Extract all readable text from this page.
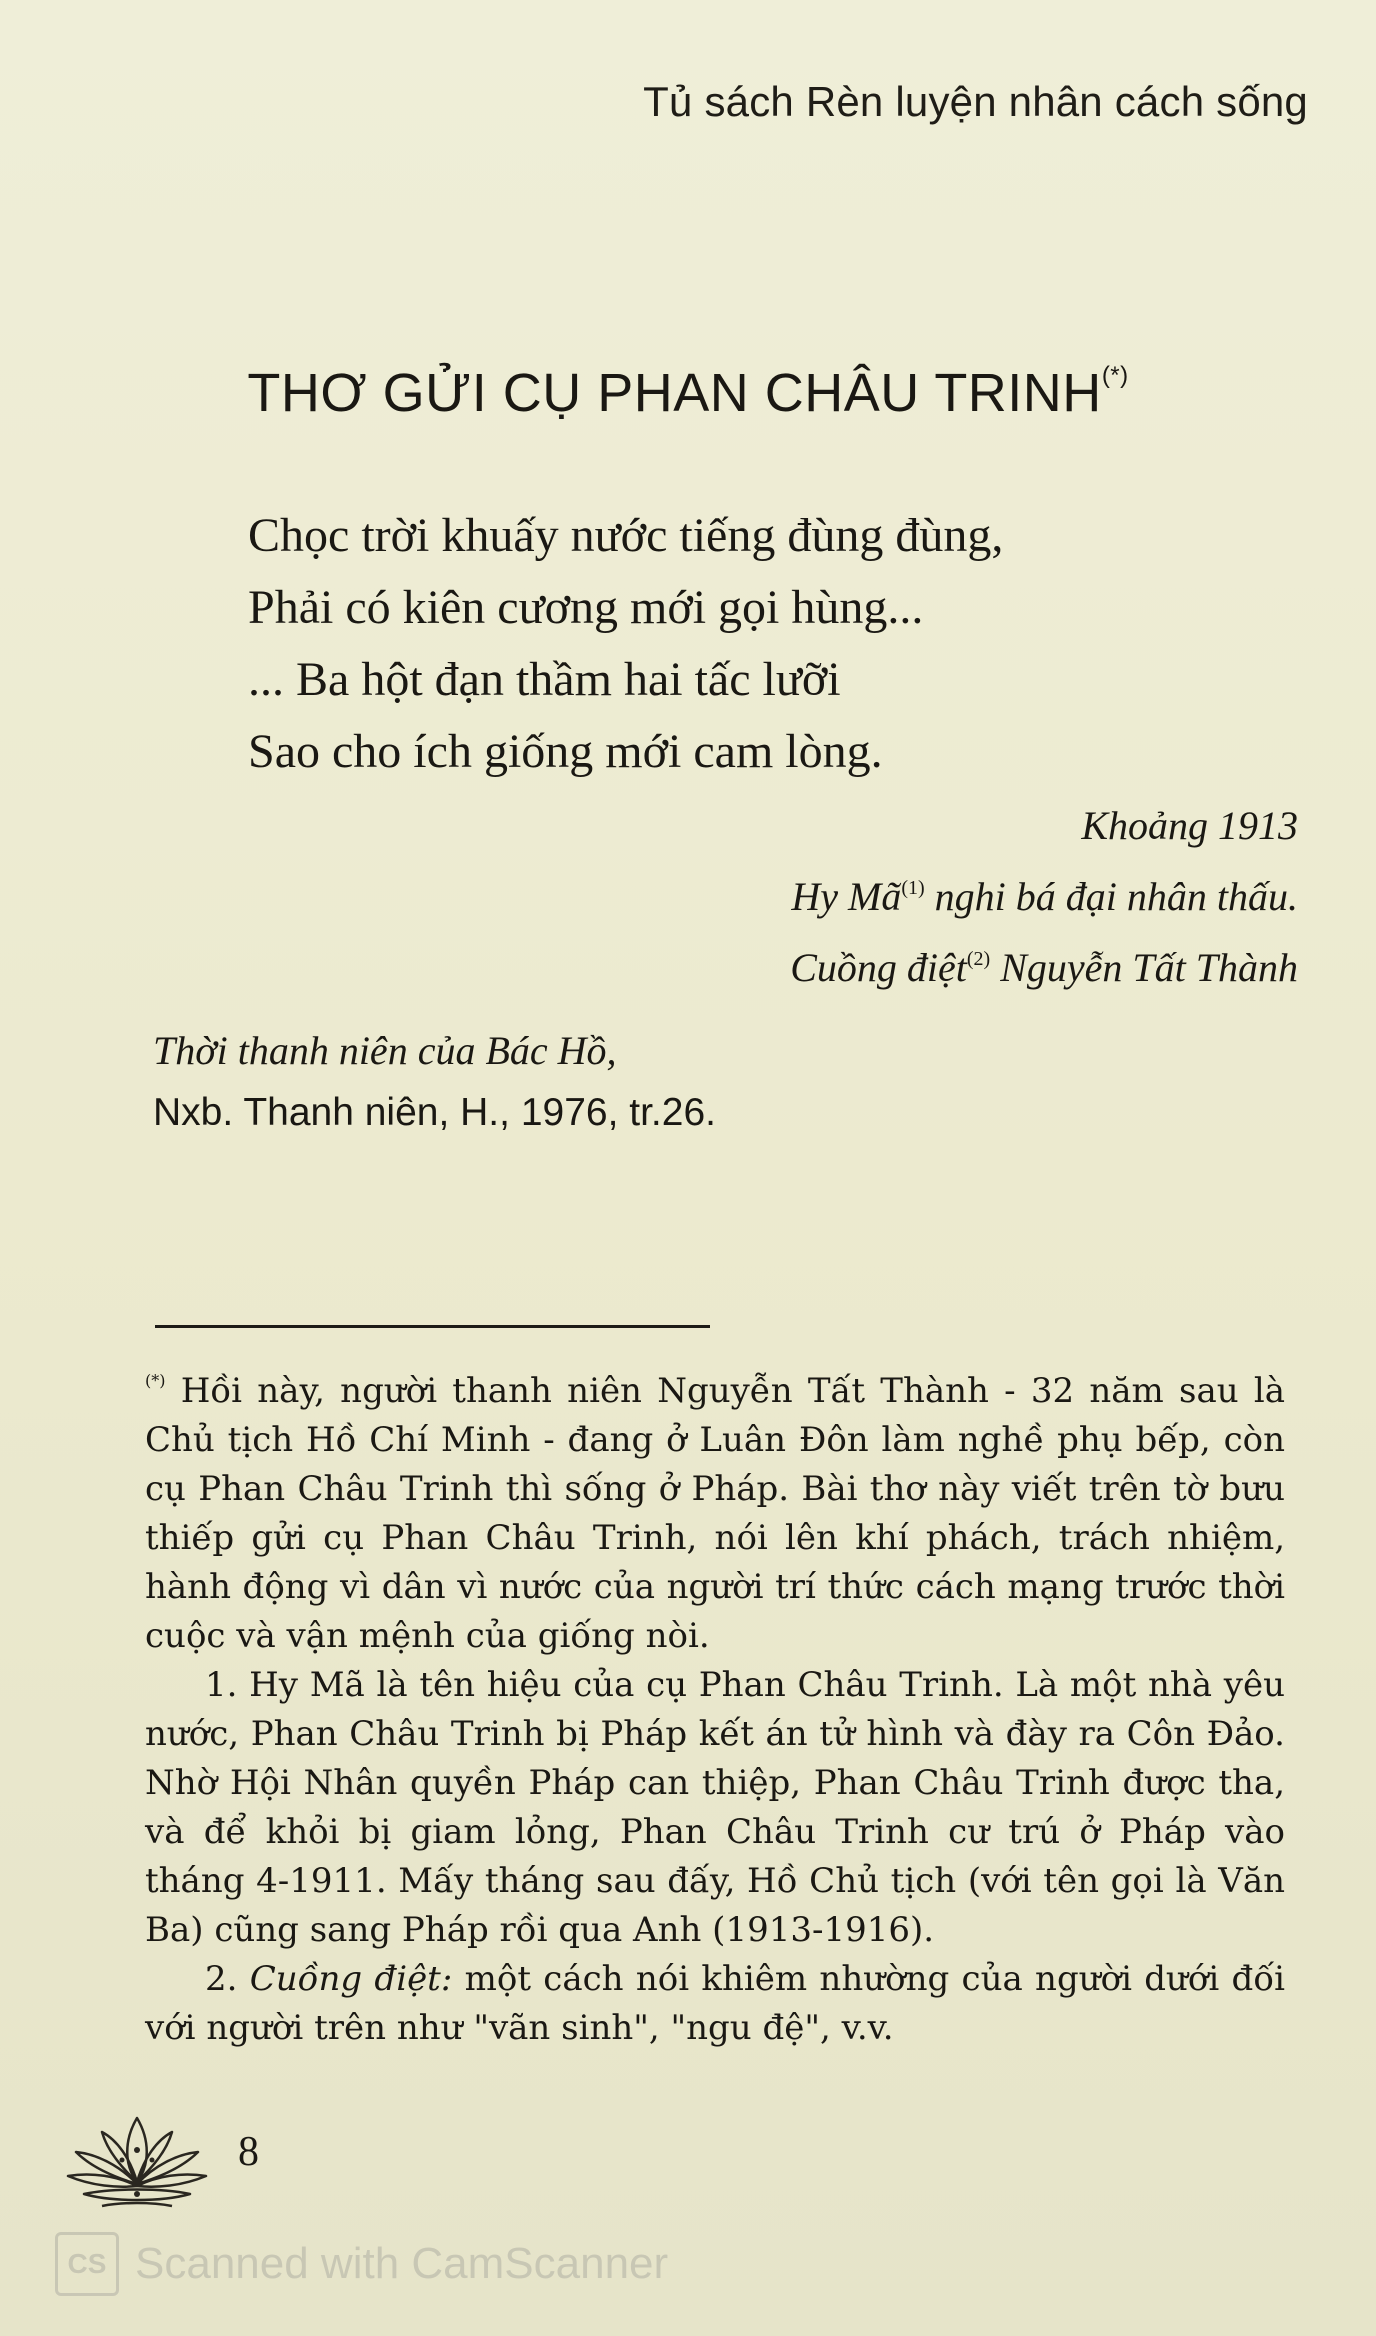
Tủ sách Rèn luyện nhân cách sống
THƠ GỬI CỤ PHAN CHÂU TRINH(*)
Chọc trời khuấy nước tiếng đùng đùng,
Phải có kiên cương mới gọi hùng...
... Ba hột đạn thầm hai tấc lưỡi
Sao cho ích giống mới cam lòng.
Khoảng 1913
Hy $Mã^{(1)}$ nghi bá đại nhân thấu.
Cuồng điệt$^{(2)}$ Nguyễn Tất Thành
Thời thanh niên của Bác Hồ,
Nxb. Thanh niên, H., 1976, tr.26.

(*) Hồi này, người thanh niên Nguyễn Tất Thành - 32 năm sau là Chủ tịch Hồ Chí Minh - đang ở Luân Đôn làm nghề phụ bếp, còn cụ Phan Châu Trinh thì sống ở Pháp. Bài thơ này viết trên tờ bưu thiếp gửi cụ Phan Châu Trinh, nói lên khí phách, trách nhiệm, hành động vì dân vì nước của người trí thức cách mạng trước thời cuộc và vận mệnh của giống nòi.

1. Hy Mã là tên hiệu của cụ Phan Châu Trinh. Là một nhà yêu nước, Phan Châu Trinh bị Pháp kết án tử hình và đày ra Côn Đảo. Nhờ Hội Nhân quyền Pháp can thiệp, Phan Châu Trinh được tha, và để khỏi bị giam lỏng, Phan Châu Trinh cư trú ở Pháp vào tháng 4-1911. Mấy tháng sau đấy, Hồ Chủ tịch (với tên gọi là Văn Ba) cũng sang Pháp rồi qua Anh (1913-1916).

2. Cuồng điệt: một cách nói khiêm nhường của người dưới đối với người trên như "vãn sinh", "ngu đệ", v.v.

8
CS Scanned with CamScanner
